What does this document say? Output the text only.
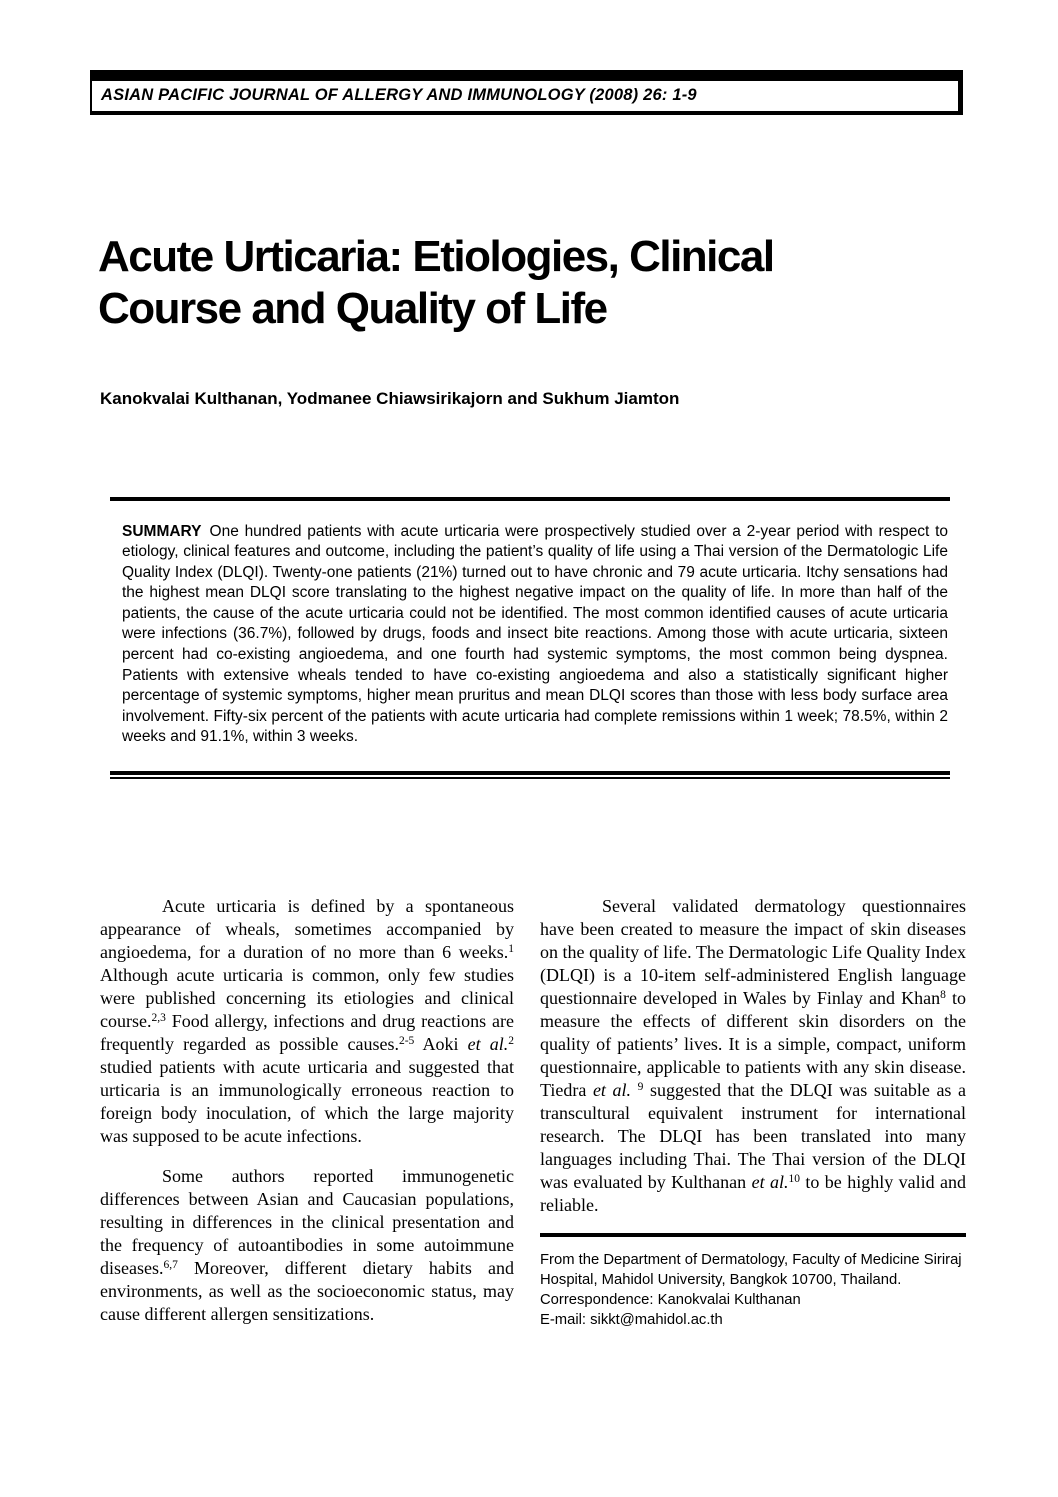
ASIAN PACIFIC JOURNAL OF ALLERGY AND IMMUNOLOGY (2008) 26: 1-9
Acute Urticaria: Etiologies, Clinical
Course and Quality of Life
Kanokvalai Kulthanan, Yodmanee Chiawsirikajorn and Sukhum Jiamton

SUMMARY One hundred patients with acute urticaria were prospectively studied over a 2-year period with respect to etiology, clinical features and outcome, including the patient’s quality of life using a Thai version of the Dermatologic Life Quality Index (DLQI). Twenty-one patients (21%) turned out to have chronic and 79 acute urticaria. Itchy sensations had the highest mean DLQI score translating to the highest negative impact on the quality of life. In more than half of the patients, the cause of the acute urticaria could not be identified. The most common identified causes of acute urticaria were infections (36.7%), followed by drugs, foods and insect bite reactions. Among those with acute urticaria, sixteen percent had co-existing angioedema, and one fourth had systemic symptoms, the most common being dyspnea. Patients with extensive wheals tended to have co-existing angioedema and also a statistically significant higher percentage of systemic symptoms, higher mean pruritus and mean DLQI scores than those with less body surface area involvement. Fifty-six percent of the patients with acute urticaria had complete remissions within 1 week; 78.5%, within 2 weeks and 91.1%, within 3 weeks.

Acute urticaria is defined by a spontaneous appearance of wheals, sometimes accompanied by angioedema, for a duration of no more than 6 weeks.$^1$ Although acute urticaria is common, only few studies were published concerning its etiologies and clinical course.$^{2,3}$ Food allergy, infections and drug reactions are frequently regarded as possible causes.$^{2-5}$ Aoki et al.$^2$ studied patients with acute urticaria and suggested that urticaria is an immunologically erroneous reaction to foreign body inoculation, of which the large majority was supposed to be acute infections.

Some authors reported immunogenetic differences between Asian and Caucasian populations, resulting in differences in the clinical presentation and the frequency of autoantibodies in some autoimmune diseases.$^{6,7}$ Moreover, different dietary habits and environments, as well as the socioeconomic status, may cause different allergen sensitizations.

Several validated dermatology questionnaires have been created to measure the impact of skin diseases on the quality of life. The Dermatologic Life Quality Index (DLQI) is a 10-item self-administered English language questionnaire developed in Wales by Finlay and Khan$^8$ to measure the effects of different skin disorders on the quality of patients’ lives. It is a simple, compact, uniform questionnaire, applicable to patients with any skin disease. Tiedra et al. $^9$ suggested that the DLQI was suitable as a transcultural equivalent instrument for international research. The DLQI has been translated into many languages including Thai. The Thai version of the DLQI was evaluated by Kulthanan et al.$^{10}$ to be highly valid and reliable.

From the Department of Dermatology, Faculty of Medicine Siriraj
Hospital, Mahidol University, Bangkok 10700, Thailand.
Correspondence: Kanokvalai Kulthanan
E-mail: sikkt@mahidol.ac.th
